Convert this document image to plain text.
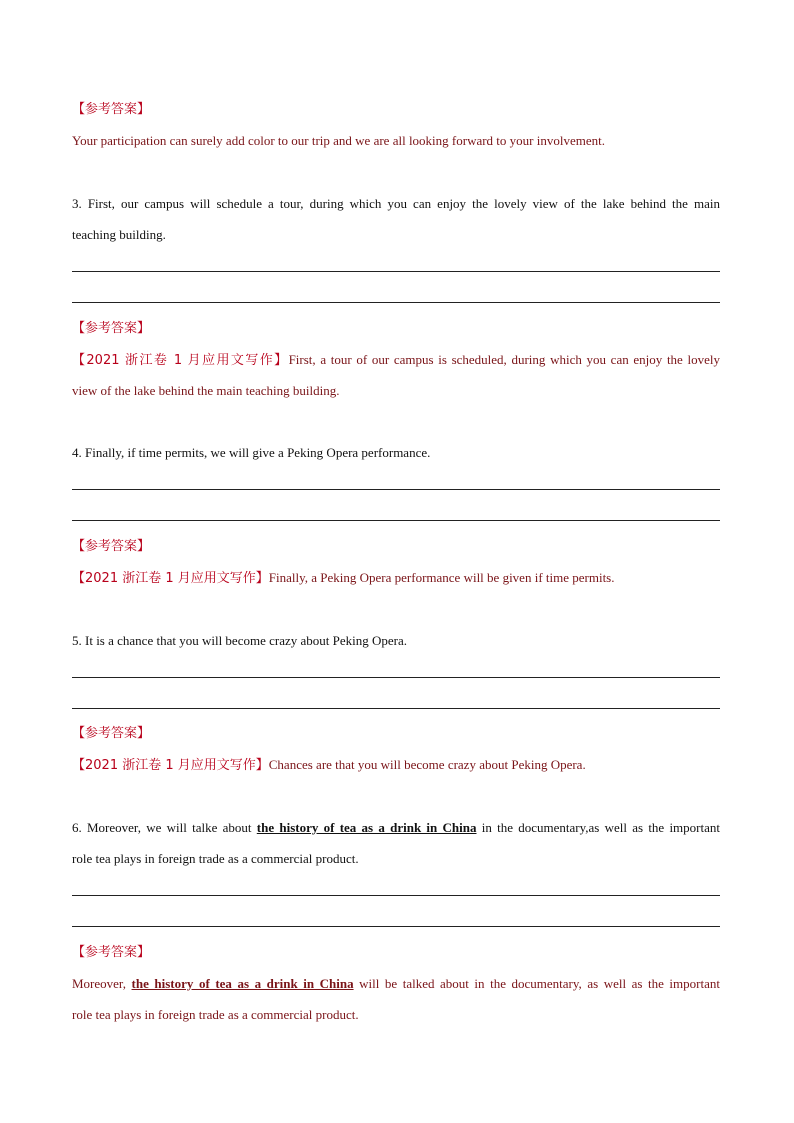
【参考答案】
Your participation can surely add color to our trip and we are all looking forward to your involvement.
3. First, our campus will schedule a tour, during which you can enjoy the lovely view of the lake behind the main
teaching building.
【参考答案】
【2021 浙江卷 1 月应用文写作】First, a tour of our campus is scheduled, during which you can enjoy the lovely
view of the lake behind the main teaching building.
4. Finally, if time permits, we will give a Peking Opera performance.
【参考答案】
【2021 浙江卷 1 月应用文写作】Finally, a Peking Opera performance will be given if time permits.
5. It is a chance that you will become crazy about Peking Opera.
【参考答案】
【2021 浙江卷 1 月应用文写作】Chances are that you will become crazy about Peking Opera.
6. Moreover, we will talke about the history of tea as a drink in China in the documentary,as well as the important
role tea plays in foreign trade as a commercial product.
【参考答案】
Moreover, the history of tea as a drink in China will be talked about in the documentary, as well as the important
role tea plays in foreign trade as a commercial product.
